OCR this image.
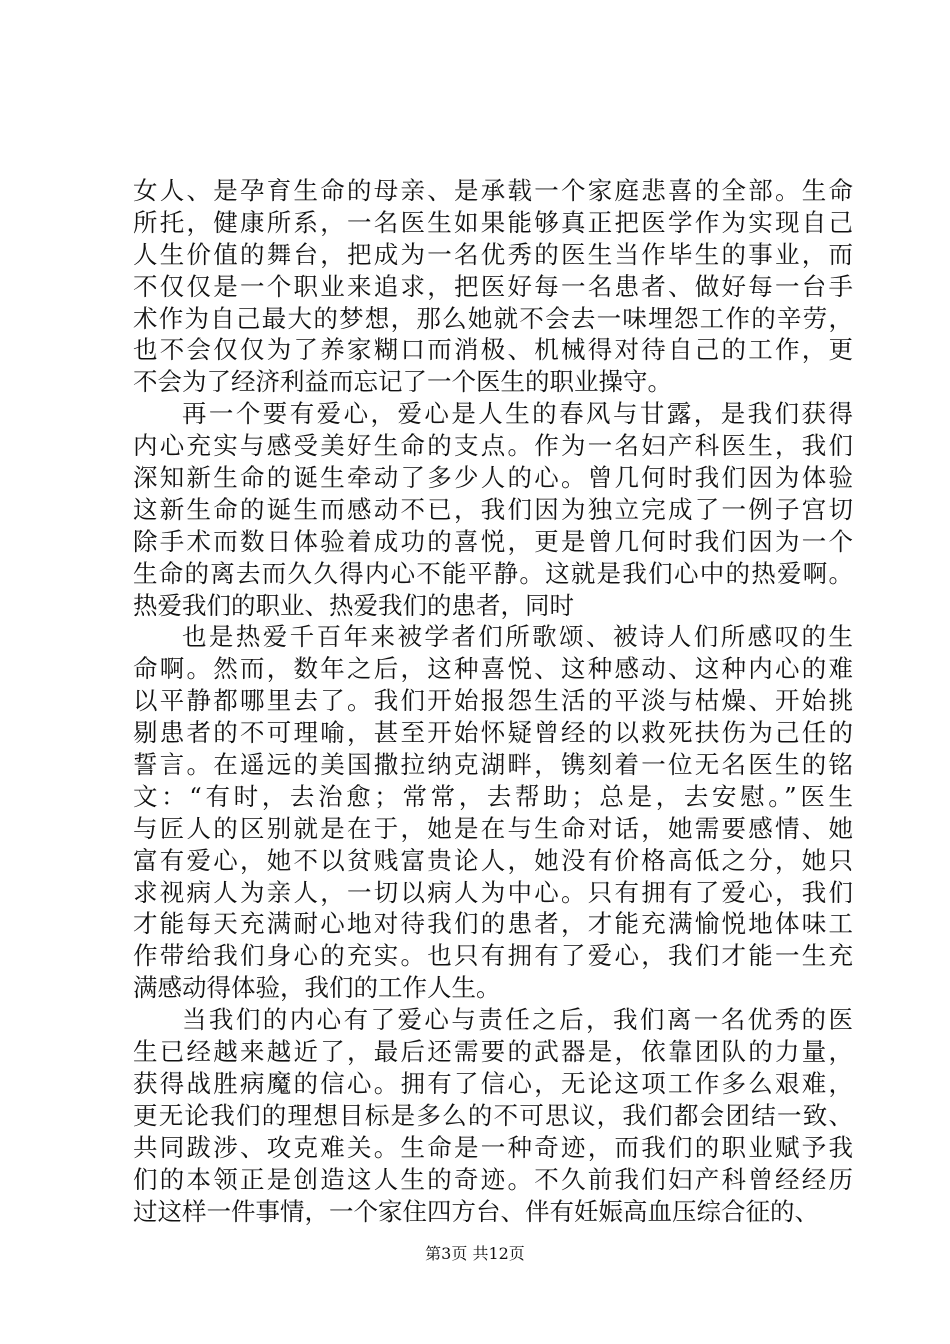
女人、是孕育生命的母亲、是承载一个家庭悲喜的全部。生命
所托，健康所系，一名医生如果能够真正把医学作为实现自己
人生价值的舞台，把成为一名优秀的医生当作毕生的事业，而
不仅仅是一个职业来追求，把医好每一名患者、做好每一台手
术作为自己最大的梦想，那么她就不会去一味埋怨工作的辛劳，
也不会仅仅为了养家糊口而消极、机械得对待自己的工作，更
不会为了经济利益而忘记了一个医生的职业操守。
再一个要有爱心，爱心是人生的春风与甘露，是我们获得
内心充实与感受美好生命的支点。作为一名妇产科医生，我们
深知新生命的诞生牵动了多少人的心。曾几何时我们因为体验
这新生命的诞生而感动不已，我们因为独立完成了一例子宫切
除手术而数日体验着成功的喜悦，更是曾几何时我们因为一个
生命的离去而久久得内心不能平静。这就是我们心中的热爱啊。
热爱我们的职业、热爱我们的患者，同时
也是热爱千百年来被学者们所歌颂、被诗人们所感叹的生
命啊。然而，数年之后，这种喜悦、这种感动、这种内心的难
以平静都哪里去了。我们开始报怨生活的平淡与枯燥、开始挑
剔患者的不可理喻，甚至开始怀疑曾经的以救死扶伤为己任的
誓言。在遥远的美国撒拉纳克湖畔，镌刻着一位无名医生的铭
文：“有时，去治愈；常常，去帮助；总是，去安慰。”医生
与匠人的区别就是在于，她是在与生命对话，她需要感情、她
富有爱心，她不以贫贱富贵论人，她没有价格高低之分，她只
求视病人为亲人，一切以病人为中心。只有拥有了爱心，我们
才能每天充满耐心地对待我们的患者，才能充满愉悦地体味工
作带给我们身心的充实。也只有拥有了爱心，我们才能一生充
满感动得体验，我们的工作人生。
当我们的内心有了爱心与责任之后，我们离一名优秀的医
生已经越来越近了，最后还需要的武器是，依靠团队的力量，
获得战胜病魔的信心。拥有了信心，无论这项工作多么艰难，
更无论我们的理想目标是多么的不可思议，我们都会团结一致、
共同跋涉、攻克难关。生命是一种奇迹，而我们的职业赋予我
们的本领正是创造这人生的奇迹。不久前我们妇产科曾经经历
过这样一件事情，一个家住四方台、伴有妊娠高血压综合征的、
第3页 共12页
